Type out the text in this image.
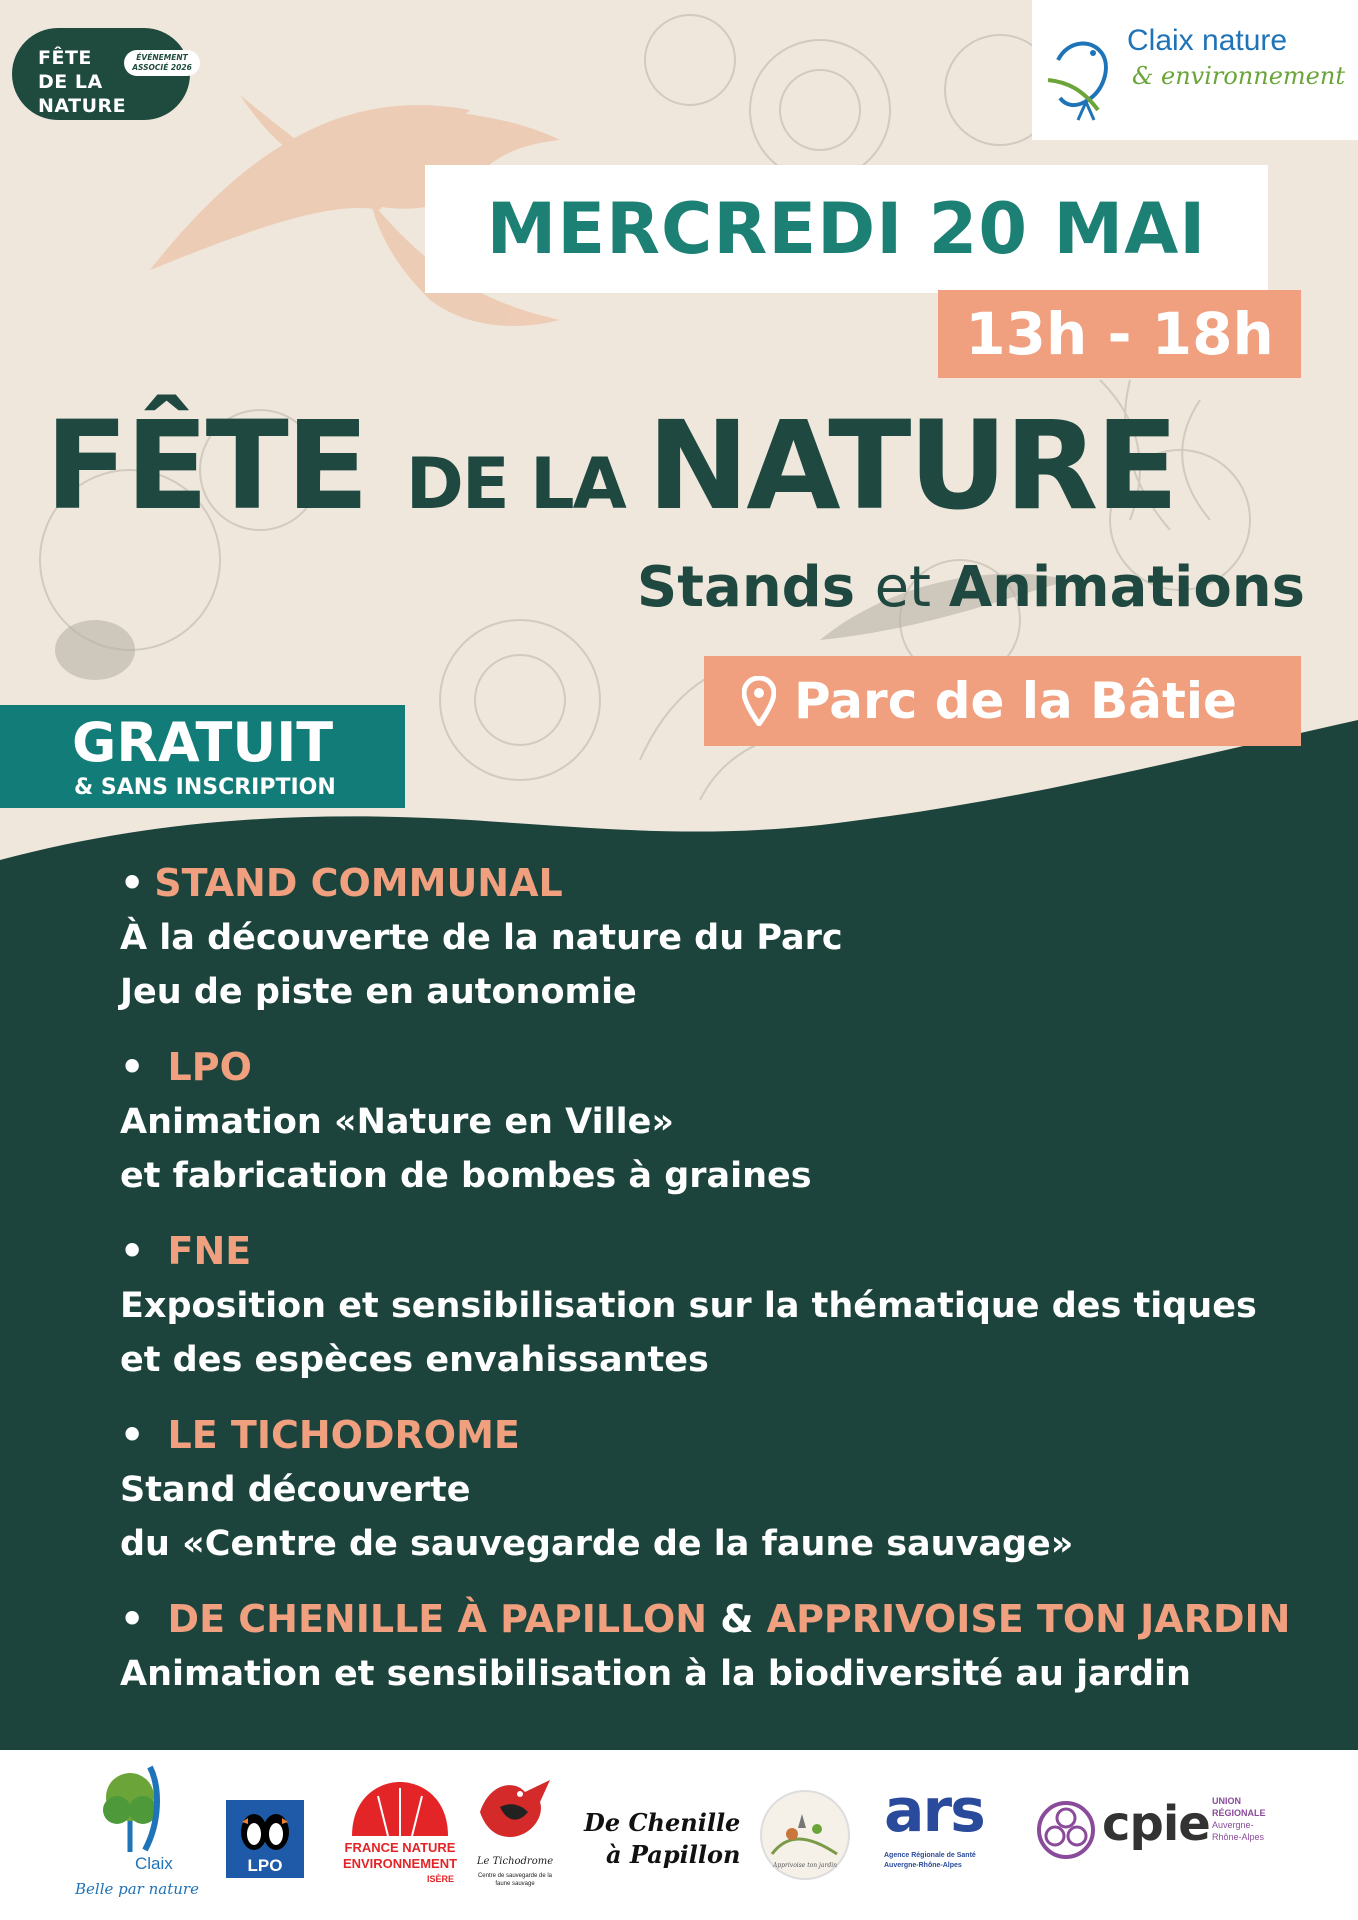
FÊTE DE LA NATURE
ÉVÉNEMENT ASSOCIÉ 2026
Claix nature
& environnement
MERCREDI 20 MAI
13h - 18h
FÊTE DE LA NATURE
Stands et Animations
Parc de la Bâtie
GRATUIT
& SANS INSCRIPTION
• STAND COMMUNAL
À la découverte de la nature du Parc
Jeu de piste en autonomie
• LPO
Animation «Nature en Ville»
et fabrication de bombes à graines
• FNE
Exposition et sensibilisation sur la thématique des tiques
et des espèces envahissantes
• LE TICHODROME
Stand découverte
du «Centre de sauvegarde de la faune sauvage»
• DE CHENILLE À PAPILLON & APPRIVOISE TON JARDIN
Animation et sensibilisation à la biodiversité au jardin
Claix
Belle par nature
LPO
FRANCE NATURE
ENVIRONNEMENT
ISÈRE
Le Tichodrome
Centre de sauvegarde de la faune sauvage
De Chenille
à Papillon	Apprivoise ton jardin
ars
Agence Régionale de Santé
Auvergne-Rhône-Alpes
cpie UNION
RÉGIONALE
Auvergne-
Rhône-Alpes
